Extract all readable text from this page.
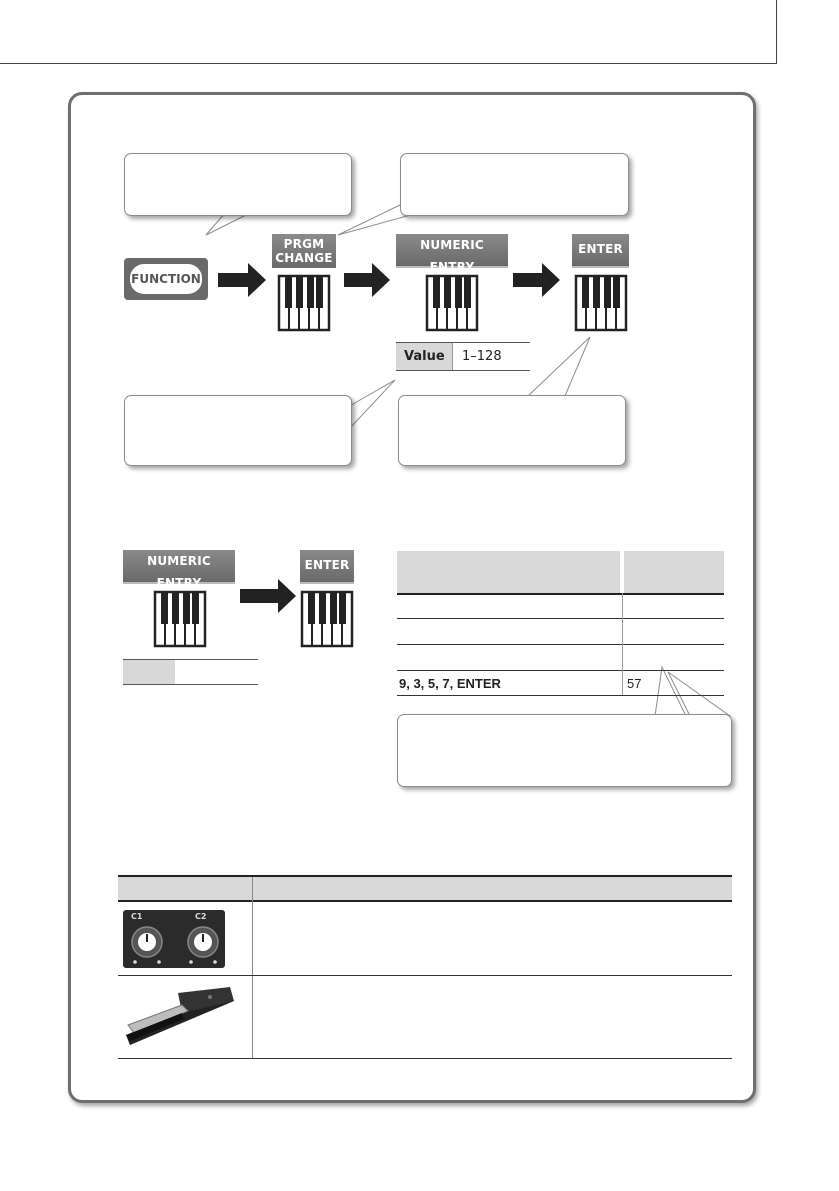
FUNCTION
PRGM
CHANGE
NUMERIC ENTRY
ENTER
Value	1–128
NUMERIC ENTRY
ENTER
9, 3, 5, 7, ENTER	57
C1	C2
